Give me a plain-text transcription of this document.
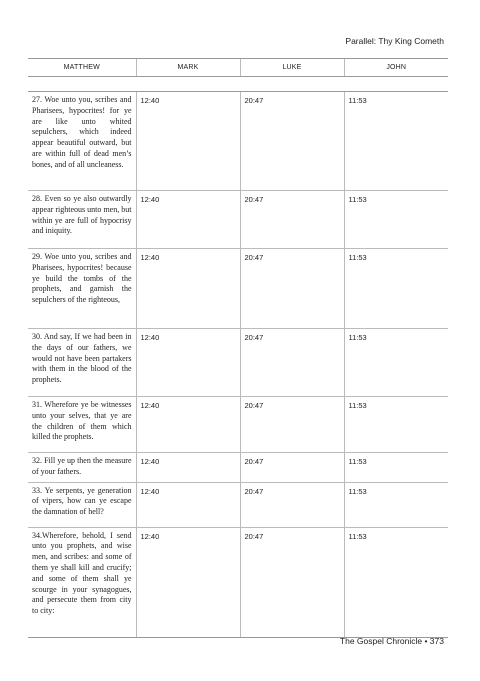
Parallel: Thy King Cometh
MATTHEW	MARK	LUKE	JOHN

27. Woe unto you, scribes and Pharisees, hypocrites! for ye are like unto whited sepulchers, which indeed appear beautiful outward, but are within full of dead men’s bones, and of all uncleaness.	12:40	20:47	11:53
28. Even so ye also outwardly appear righteous unto men, but within ye are full of hypocrisy and iniquity.	12:40	20:47	11:53
29. Woe unto you, scribes and Pharisees, hypocrites! because ye build the tombs of the prophets, and garnish the sepulchers of the righteous,	12:40	20:47	11:53
30. And say, If we had been in the days of our fathers, we would not have been partakers with them in the blood of the prophets.	12:40	20:47	11:53
31. Wherefore ye be witnesses unto your selves, that ye are the children of them which killed the prophets.	12:40	20:47	11:53
32. Fill ye up then the measure of your fathers.	12:40	20:47	11:53
33. Ye serpents, ye generation of vipers, how can ye escape the damnation of hell?	12:40	20:47	11:53
34.Wherefore, behold, I send unto you prophets, and wise men, and scribes: and some of them ye shall kill and crucify; and some of them shall ye scourge in your synagogues, and persecute them from city to city:	12:40	20:47	11:53
The Gospel Chronicle • 373
